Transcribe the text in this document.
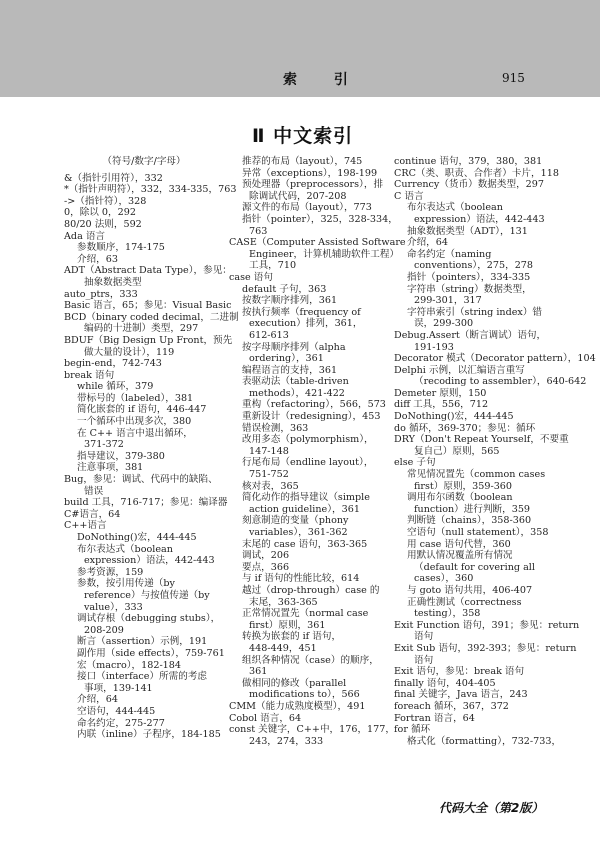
索 引	915
Ⅱ 中文索引
（符号/数字/字母）
&（指针引用符），332
*（指针声明符），332，334-335，763
->（指针符），328
0，除以 0，292
80/20 法则，592
Ada 语言
参数顺序，174-175
介绍，63
ADT（Abstract Data Type），参见：
抽象数据类型
auto_ptrs，333
Basic 语言，65；参见：Visual Basic
BCD（binary coded decimal，二进制
编码的十进制）类型，297
BDUF（Big Design Up Front，预先
做大量的设计），119
begin-end，742-743
break 语句
while 循环，379
带标号的（labeled），381
简化嵌套的 if 语句，446-447
一个循环中出现多次，380
在 C++ 语言中退出循环，
371-372
指导建议，379-380
注意事项，381
Bug，参见：调试、代码中的缺陷、
错误
build 工具，716-717；参见：编译器
C#语言，64
C++语言
DoNothing()宏，444-445
布尔表达式（boolean
expression）语法，442-443
参考资源，159
参数，按引用传递（by
reference）与按值传递（by
value），333
调试存根（debugging stubs），
208-209
断言（assertion）示例，191
副作用（side effects），759-761
宏（macro），182-184
接口（interface）所需的考虑
事项，139-141
介绍，64
空语句，444-445
命名约定，275-277
内联（inline）子程序，184-185
推荐的布局（layout），745
异常（exceptions），198-199
预处理器（preprocessors），排
除调试代码，207-208
源文件的布局（layout），773
指针（pointer），325，328-334，
763
CASE（Computer Assisted Software
Engineer，计算机辅助软件工程）
工具，710
case 语句
default 子句，363
按数字顺序排列，361
按执行频率（frequency of
execution）排列，361，
612-613
按字母顺序排列（alpha
ordering），361
编程语言的支持，361
表驱动法（table-driven
methods），421-422
重构（refactoring），566，573
重新设计（redesigning），453
错误检测，363
改用多态（polymorphism），
147-148
行尾布局（endline layout），
751-752
核对表，365
简化动作的指导建议（simple
action guideline），361
刻意制造的变量（phony
variables），361-362
末尾的 case 语句，363-365
调试，206
要点，366
与 if 语句的性能比较，614
越过（drop-through）case 的
末尾，363-365
正常情况置先（normal case
first）原则，361
转换为嵌套的 if 语句，
448-449，451
组织各种情况（case）的顺序，
361
做相同的修改（parallel
modifications to），566
CMM（能力成熟度模型），491
Cobol 语言，64
const 关键字，C++中，176，177，
243，274，333
continue 语句，379，380，381
CRC（类、职责、合作者）卡片，118
Currency（货币）数据类型，297
C 语言
布尔表达式（boolean
expression）语法，442-443
抽象数据类型（ADT），131
介绍，64
命名约定（naming
conventions），275，278
指针（pointers），334-335
字符串（string）数据类型，
299-301，317
字符串索引（string index）错
误，299-300
Debug.Assert（断言调试）语句，
191-193
Decorator 模式（Decorator pattern），104
Delphi 示例，以汇编语言重写
（recoding to assembler），640-642
Demeter 原则，150
diff 工具，556，712
DoNothing()宏，444-445
do 循环，369-370；参见：循环
DRY（Don't Repeat Yourself，不要重
复自己）原则，565
else 子句
常见情况置先（common cases
first）原则，359-360
调用布尔函数（boolean
function）进行判断，359
判断链（chains），358-360
空语句（null statement），358
用 case 语句代替，360
用默认情况覆盖所有情况
（default for covering all
cases），360
与 goto 语句共用，406-407
正确性测试（correctness
testing），358
Exit Function 语句，391；参见：return
语句
Exit Sub 语句，392-393；参见：return
语句
Exit 语句，参见：break 语句
finally 语句，404-405
final 关键字，Java 语言，243
foreach 循环，367，372
Fortran 语言，64
for 循环
格式化（formatting），732-733，
代码大全（第2版）
